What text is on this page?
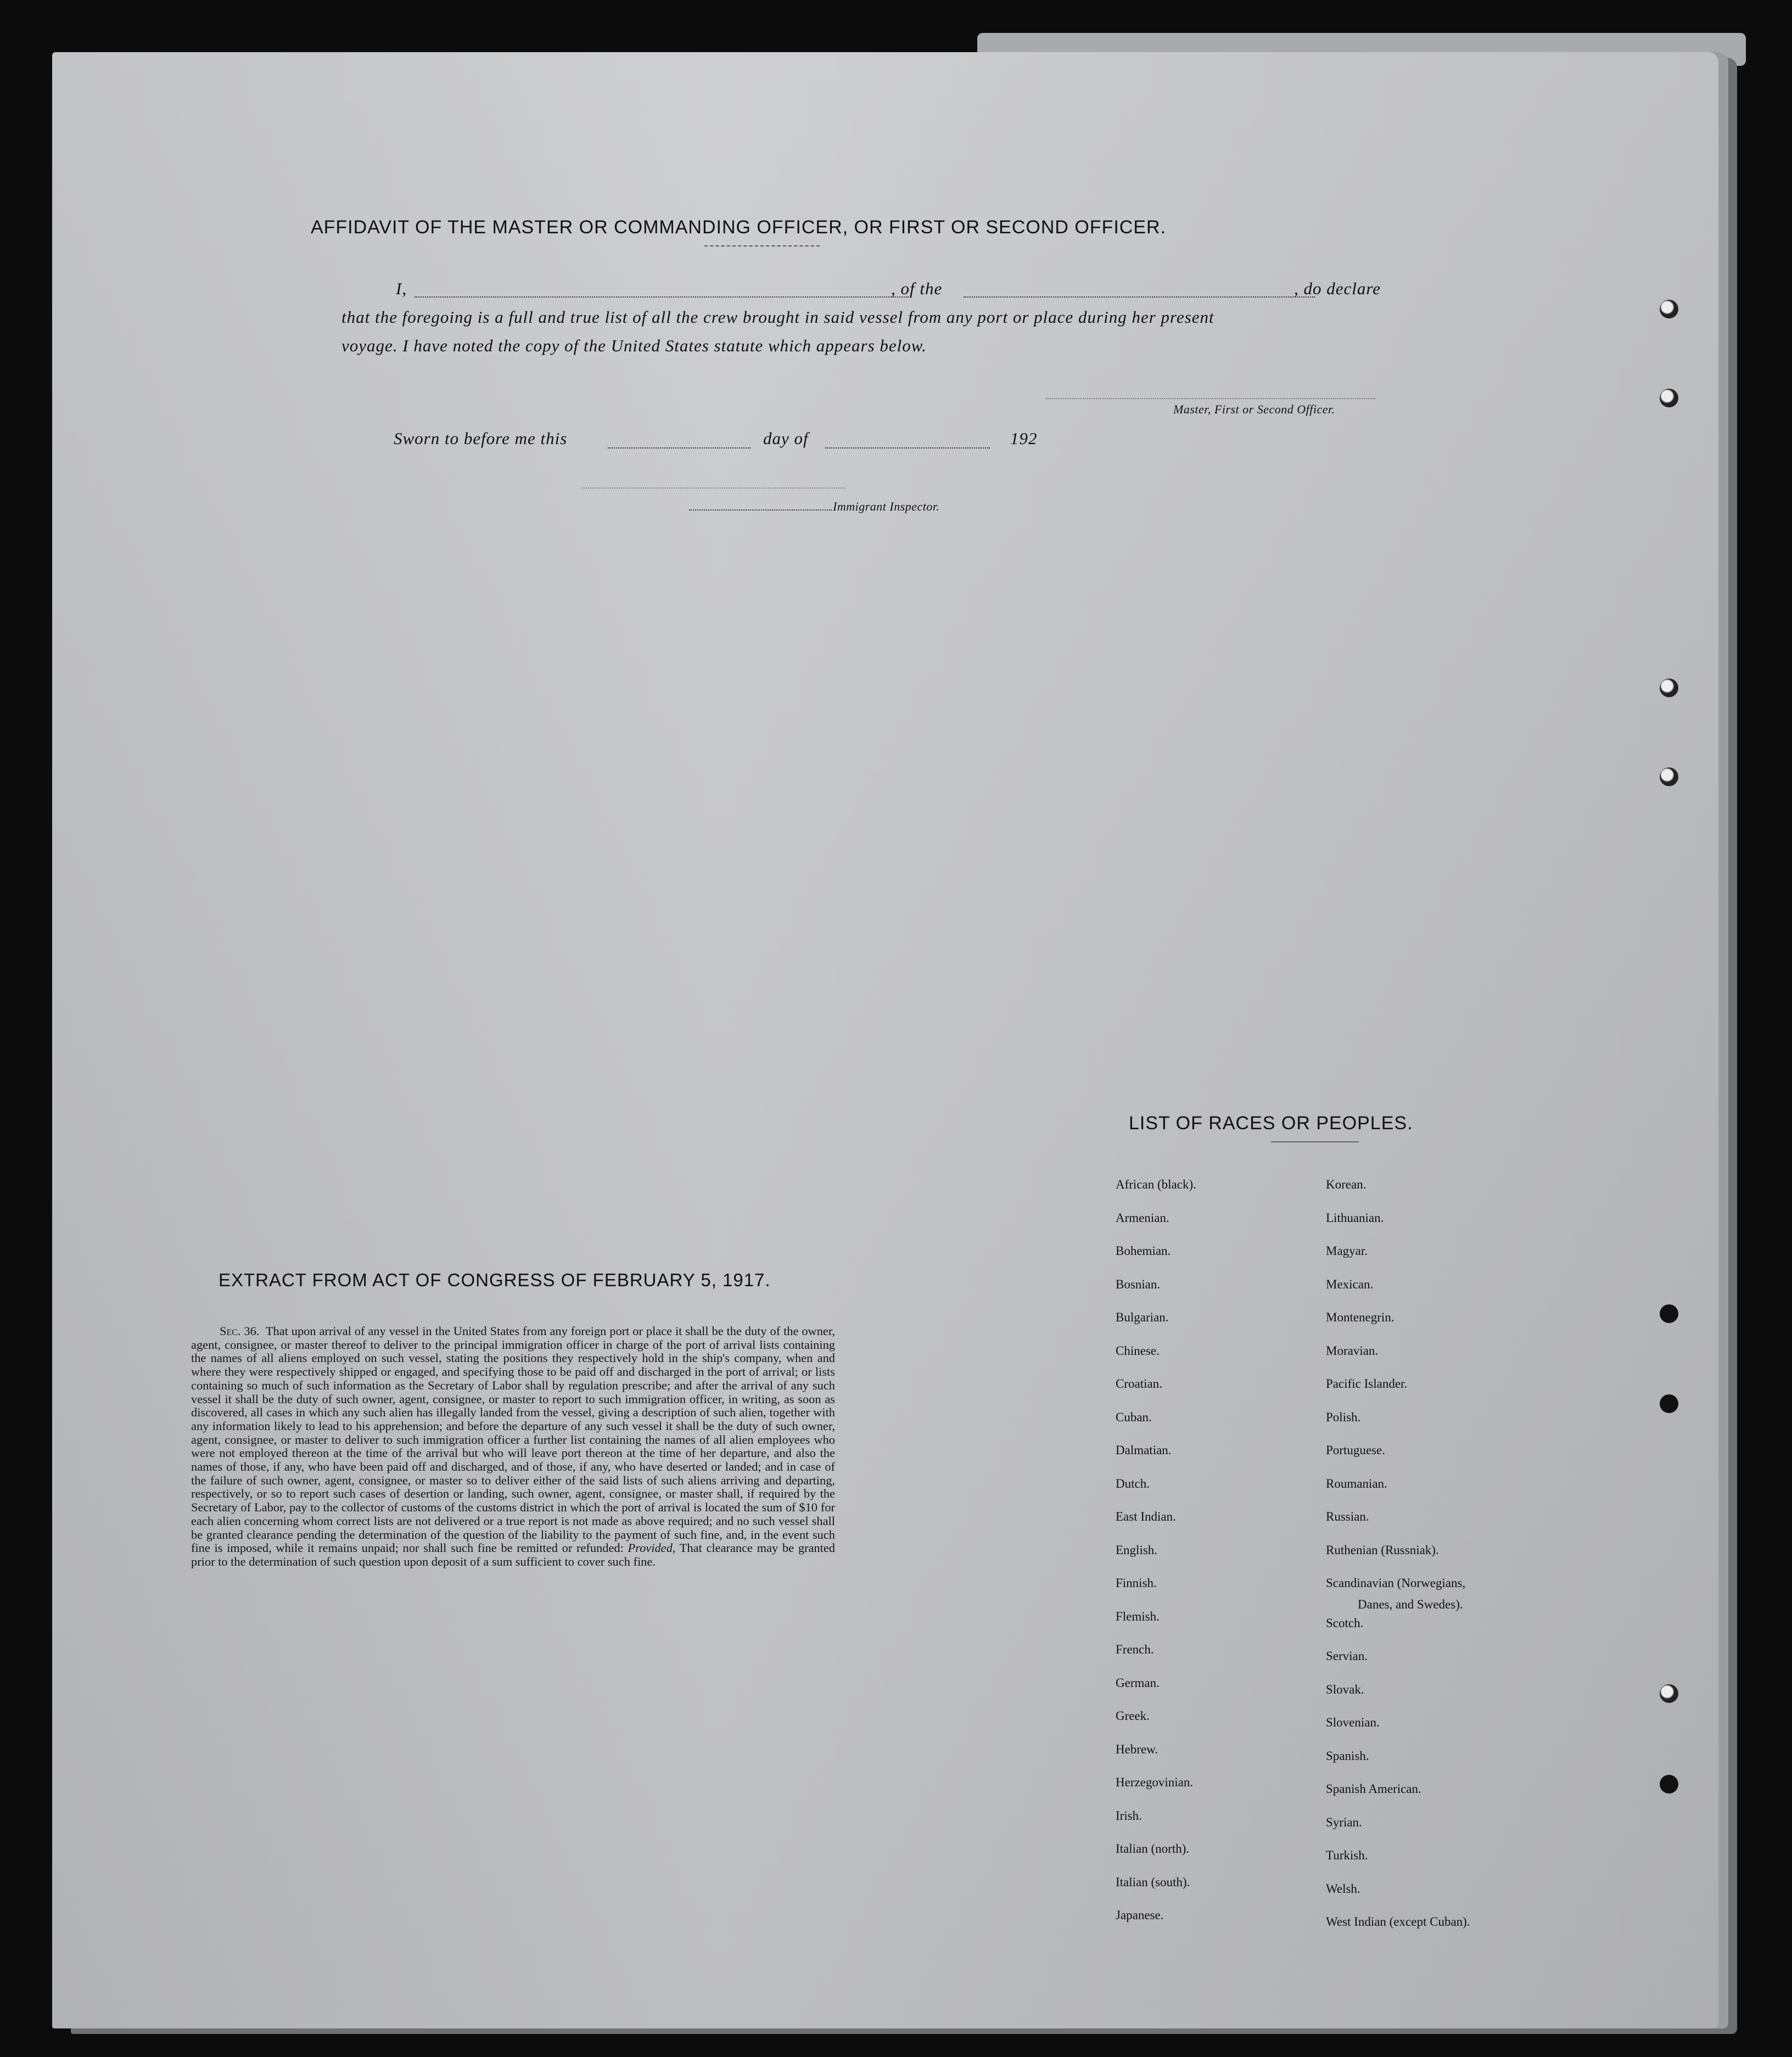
AFFIDAVIT OF THE MASTER OR COMMANDING OFFICER, OR FIRST OR SECOND OFFICER.
I,	, of the	, do declare
that the foregoing is a full and true list of all the crew brought in said vessel from any port or place during her present
voyage. I have noted the copy of the United States statute which appears below.
Master, First or Second Officer.
Sworn to before me this	day of	192
Immigrant Inspector.
EXTRACT FROM ACT OF CONGRESS OF FEBRUARY 5, 1917.
Sec. 36. That upon arrival of any vessel in the United States from any foreign port or place it shall be the duty of the owner, agent, consignee, or master thereof to deliver to the principal immigration officer in charge of the port of arrival lists containing the names of all aliens employed on such vessel, stating the positions they respectively hold in the ship's company, when and where they were respectively shipped or engaged, and specifying those to be paid off and discharged in the port of arrival; or lists containing so much of such information as the Secretary of Labor shall by regulation prescribe; and after the arrival of any such vessel it shall be the duty of such owner, agent, consignee, or master to report to such immigration officer, in writing, as soon as discovered, all cases in which any such alien has illegally landed from the vessel, giving a description of such alien, together with any information likely to lead to his apprehension; and before the departure of any such vessel it shall be the duty of such owner, agent, consignee, or master to deliver to such immigration officer a further list containing the names of all alien employees who were not employed thereon at the time of the arrival but who will leave port thereon at the time of her departure, and also the names of those, if any, who have been paid off and discharged, and of those, if any, who have deserted or landed; and in case of the failure of such owner, agent, consignee, or master so to deliver either of the said lists of such aliens arriving and departing, respectively, or so to report such cases of desertion or landing, such owner, agent, consignee, or master shall, if required by the Secretary of Labor, pay to the collector of customs of the customs district in which the port of arrival is located the sum of $10 for each alien concerning whom correct lists are not delivered or a true report is not made as above required; and no such vessel shall be granted clearance pending the determination of the question of the liability to the payment of such fine, and, in the event such fine is imposed, while it remains unpaid; nor shall such fine be remitted or refunded: Provided, That clearance may be granted prior to the determination of such question upon deposit of a sum sufficient to cover such fine.
LIST OF RACES OR PEOPLES.
African (black).
Armenian.
Bohemian.
Bosnian.
Bulgarian.
Chinese.
Croatian.
Cuban.
Dalmatian.
Dutch.
East Indian.
English.
Finnish.
Flemish.
French.
German.
Greek.
Hebrew.
Herzegovinian.
Irish.
Italian (north).
Italian (south).
Japanese.
Korean.
Lithuanian.
Magyar.
Mexican.
Montenegrin.
Moravian.
Pacific Islander.
Polish.
Portuguese.
Roumanian.
Russian.
Ruthenian (Russniak).
Scandinavian (Norwegians,
Scotch.
Servian.
Slovak.
Slovenian.
Spanish.
Spanish American.
Syrian.
Turkish.
Welsh.
West Indian (except Cuban).
Danes, and Swedes).
